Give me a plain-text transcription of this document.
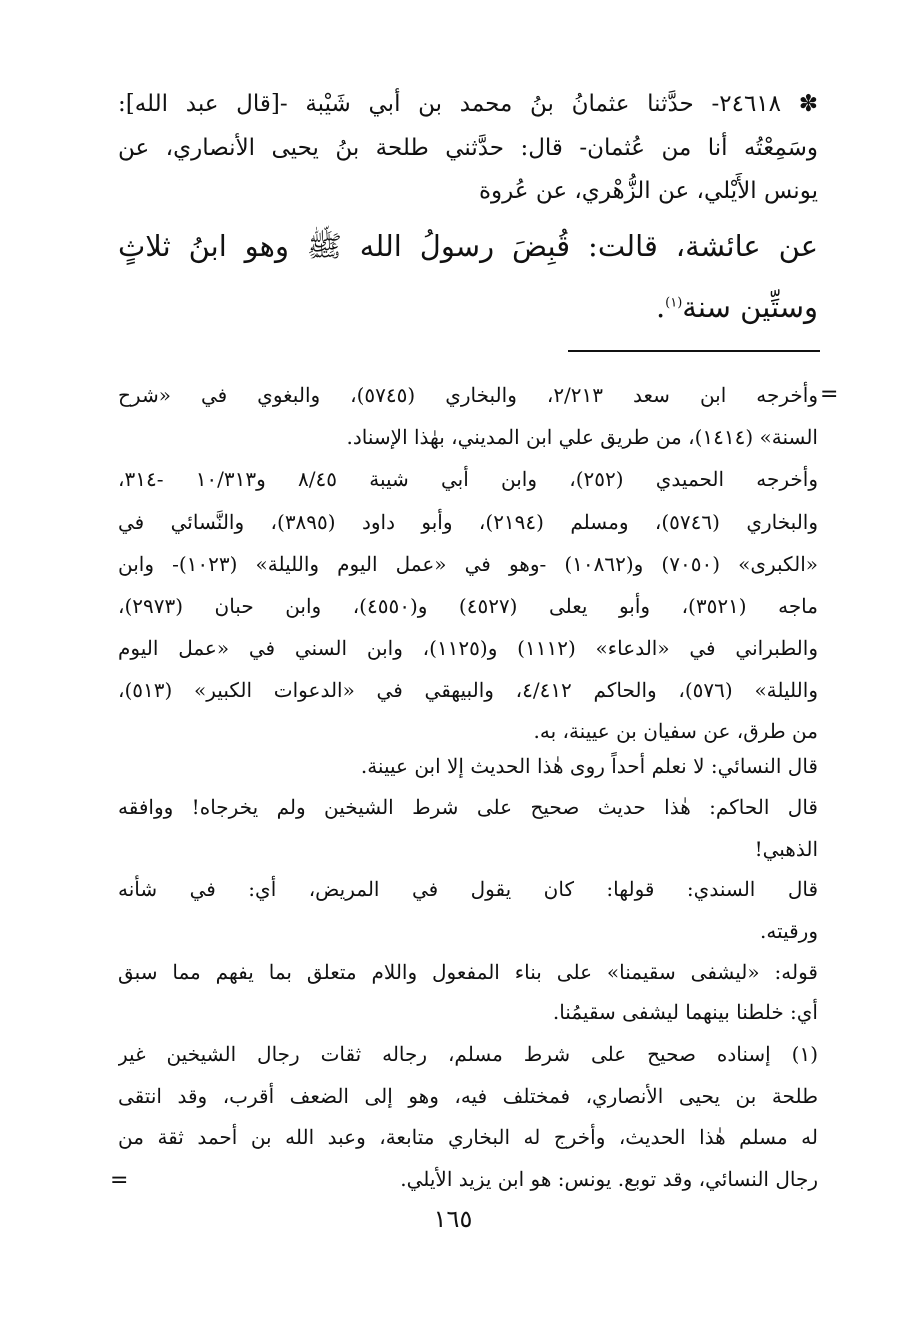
✽ ٢٤٦١٨- حدَّثنا عثمانُ بنُ محمد بن أبي شَيْبة -[قال عبد الله]:
وسَمِعْتُه أنا من عُثمان- قال: حدَّثني طلحة بنُ يحيى الأنصاري، عن
يونس الأَيْلي، عن الزُّهْري، عن عُروة
عن عائشة، قالت: قُبِضَ رسولُ الله ﷺ وهو ابنُ ثلاثٍ
وستِّين سنة$^{(١)}$.
=
وأخرجه ابن سعد ٢/٢١٣، والبخاري (٥٧٤٥)، والبغوي في «شرح
السنة» (١٤١٤)، من طريق علي ابن المديني، بهٰذا الإسناد.
وأخرجه الحميدي (٢٥٢)، وابن أبي شيبة ٨/٤٥ و١٠/٣١٣ -٣١٤،
والبخاري (٥٧٤٦)، ومسلم (٢١٩٤)، وأبو داود (٣٨٩٥)، والنَّسائي في
«الكبرى» (٧٠٥٠) و(١٠٨٦٢) -وهو في «عمل اليوم والليلة» (١٠٢٣)- وابن
ماجه (٣٥٢١)، وأبو يعلى (٤٥٢٧) و(٤٥٥٠)، وابن حبان (٢٩٧٣)،
والطبراني في «الدعاء» (١١١٢) و(١١٢٥)، وابن السني في «عمل اليوم
والليلة» (٥٧٦)، والحاكم ٤/٤١٢، والبيهقي في «الدعوات الكبير» (٥١٣)،
من طرق، عن سفيان بن عيينة، به.
قال النسائي: لا نعلم أحداً روى هٰذا الحديث إلا ابن عيينة.
قال الحاكم: هٰذا حديث صحيح على شرط الشيخين ولم يخرجاه! ووافقه
الذهبي!
قال السندي: قولها: كان يقول في المريض، أي: في شأنه
ورقيته.
قوله: «ليشفى سقيمنا» على بناء المفعول واللام متعلق بما يفهم مما سبق
أي: خلطنا بينهما ليشفى سقيمُنا.
(١) إسناده صحيح على شرط مسلم، رجاله ثقات رجال الشيخين غير
طلحة بن يحيى الأنصاري، فمختلف فيه، وهو إلى الضعف أقرب، وقد انتقى
له مسلم هٰذا الحديث، وأخرج له البخاري متابعة، وعبد الله بن أحمد ثقة من
رجال النسائي، وقد توبع. يونس: هو ابن يزيد الأيلي.
=
١٦٥
